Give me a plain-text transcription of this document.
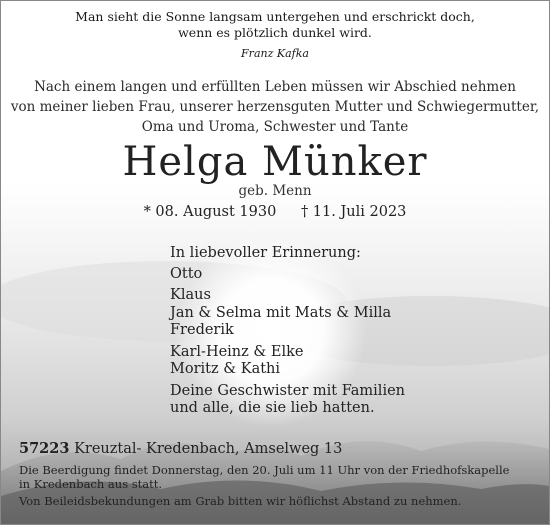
Man sieht die Sonne langsam untergehen und erschrickt doch,
wenn es plötzlich dunkel wird.
Franz Kafka
Nach einem langen und erfüllten Leben müssen wir Abschied nehmen
von meiner lieben Frau, unserer herzensguten Mutter und Schwiegermutter,
Oma und Uroma, Schwester und Tante
Helga Münker
geb. Menn
* 08. August 1930 † 11. Juli 2023
In liebevoller Erinnerung:
Otto
Klaus
Jan & Selma mit Mats & Milla
Frederik
Karl-Heinz & Elke
Moritz & Kathi
Deine Geschwister mit Familien
und alle, die sie lieb hatten.
57223 Kreuztal- Kredenbach, Amselweg 13
Die Beerdigung findet Donnerstag, den 20. Juli um 11 Uhr von der Friedhofskapelle
in Kredenbach aus statt.
Von Beileidsbekundungen am Grab bitten wir höflichst Abstand zu nehmen.
